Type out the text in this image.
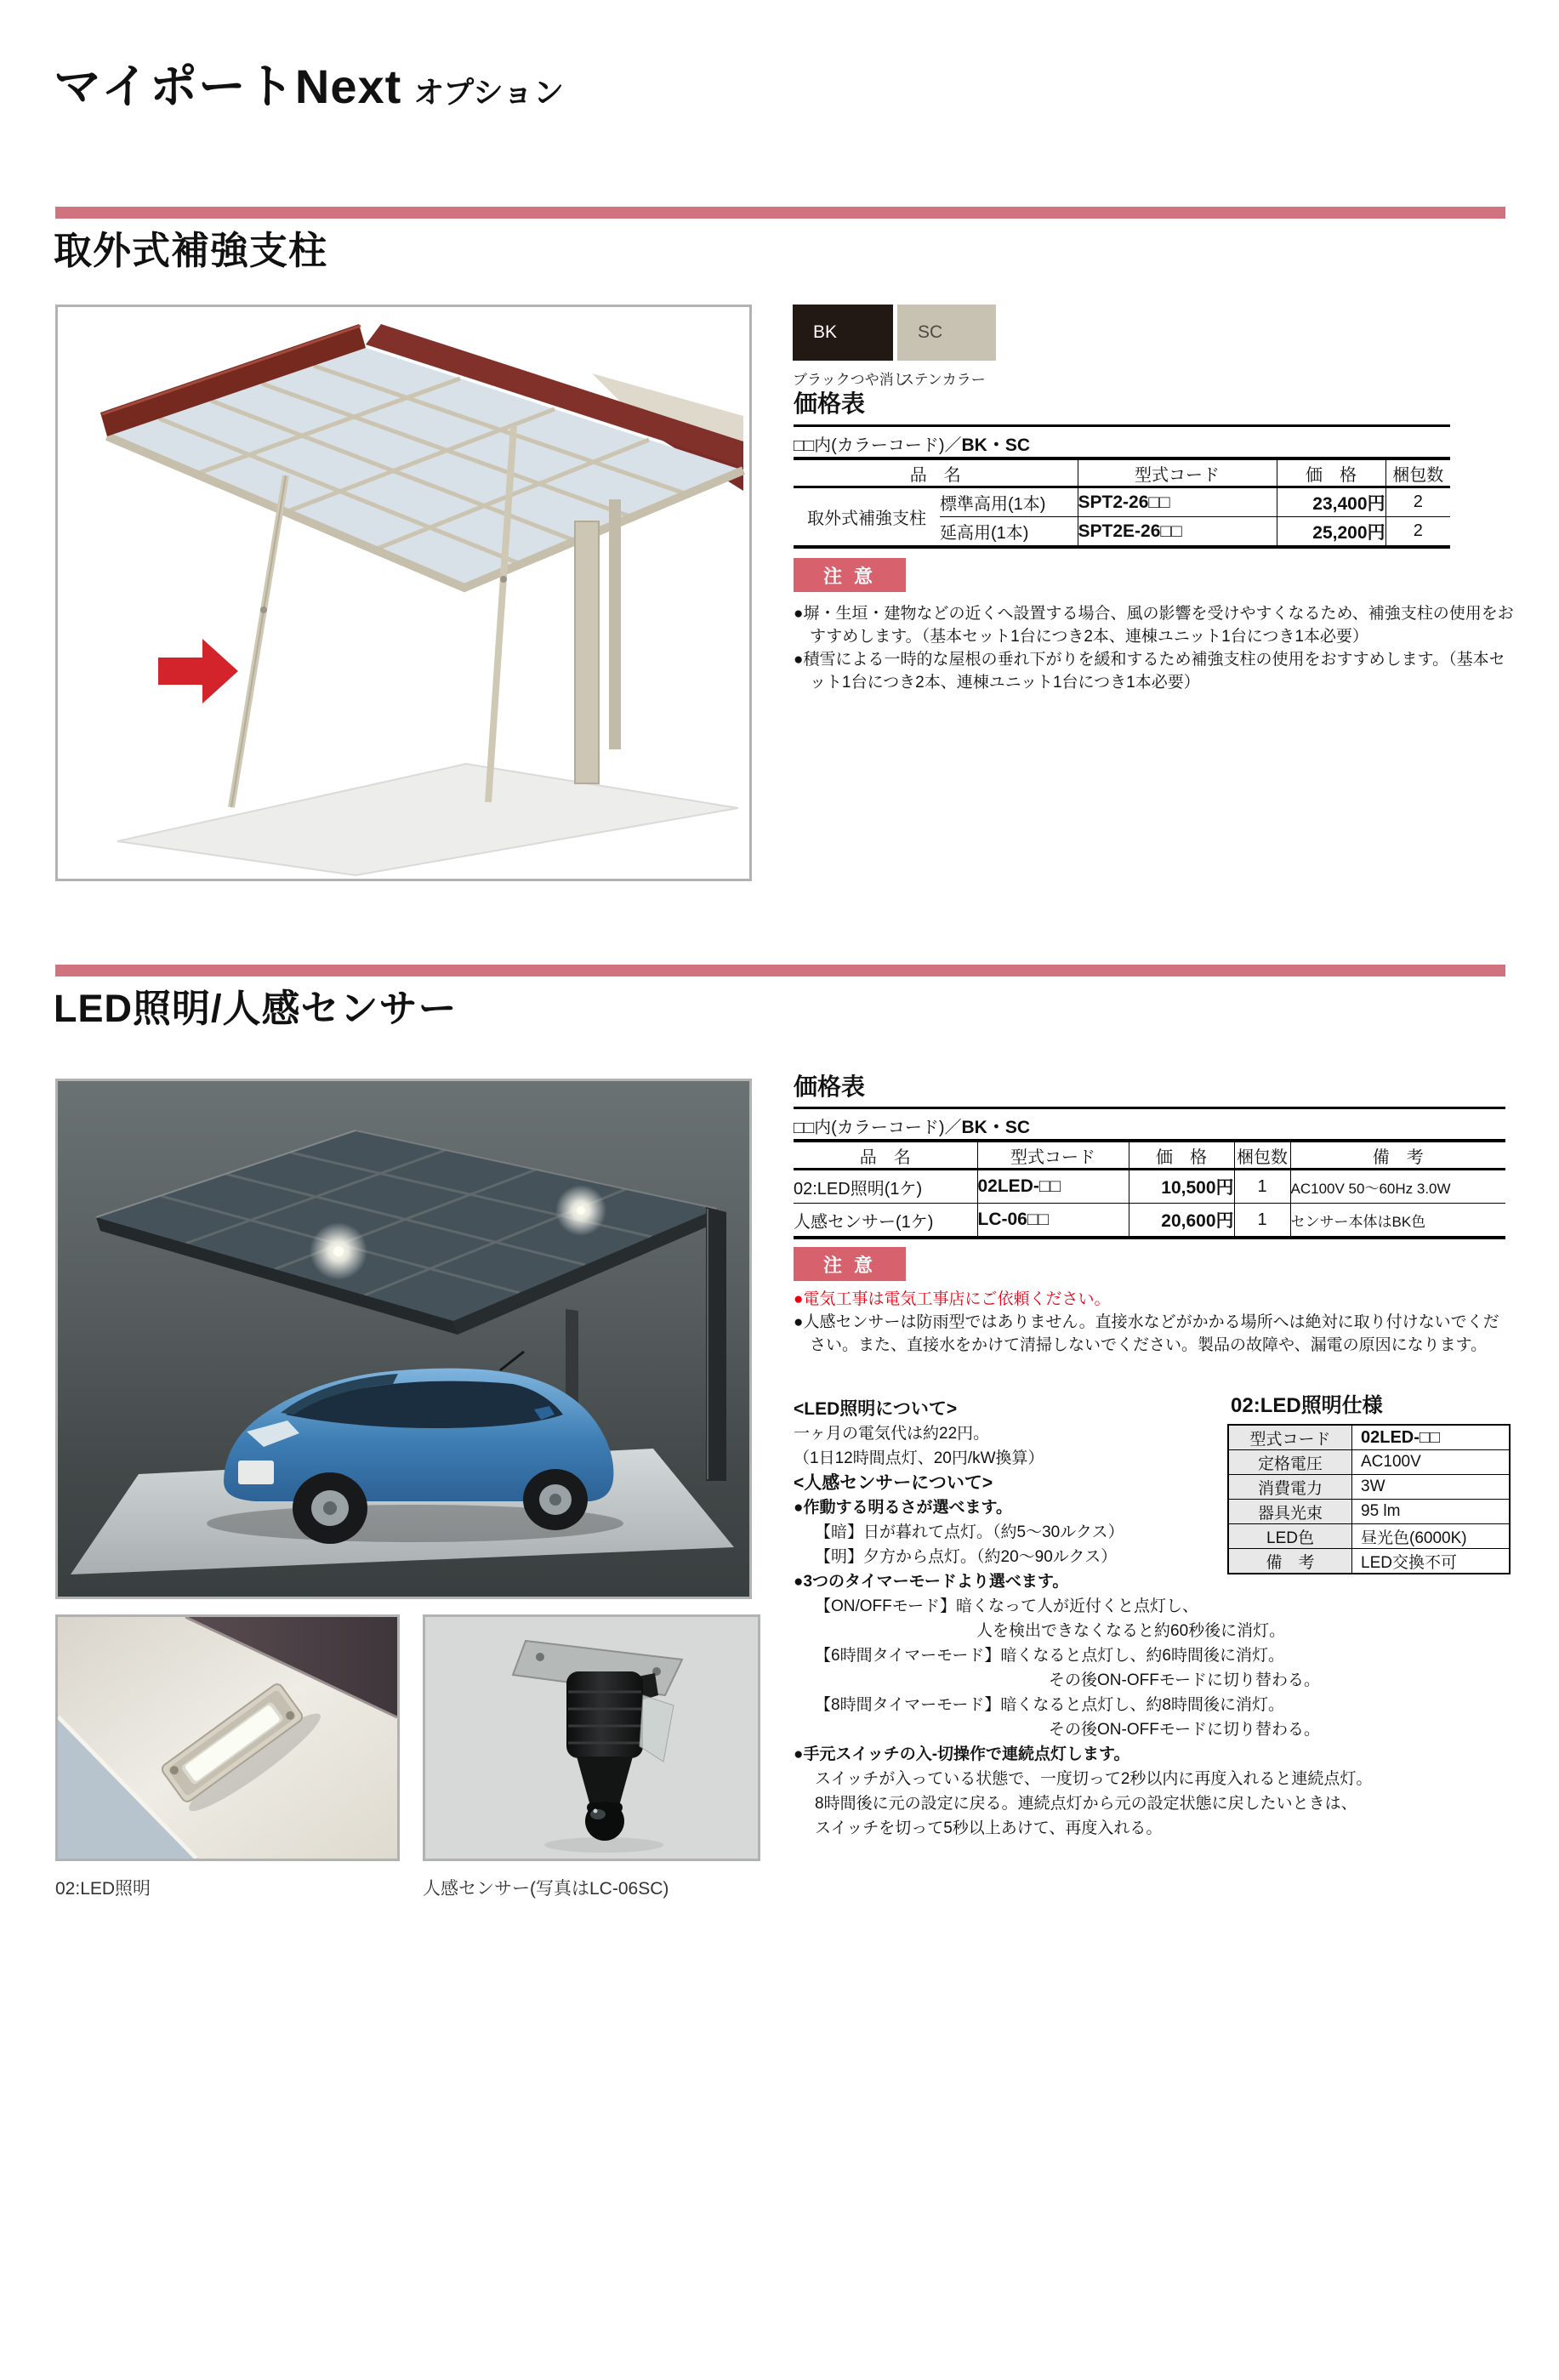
マイポートNext オプション
取外式補強支柱
BK	SC
ブラックつや消し
ステンカラー
価格表
□□内(カラーコード)／BK・SC
品　名		型式コード	価　格	梱包数
取外式補強支柱	標準高用(1本)	SPT2-26□□	23,400円	2
	延高用(1本)	SPT2E-26□□	25,200円	2
注 意
●塀・生垣・建物などの近くへ設置する場合、風の影響を受けやすくなるため、補強支柱の使用をおすすめします。（基本セット1台につき2本、連棟ユニット1台につき1本必要）
●積雪による一時的な屋根の垂れ下がりを緩和するため補強支柱の使用をおすすめします。（基本セット1台につき2本、連棟ユニット1台につき1本必要）
LED照明/人感センサー
02:LED照明	人感センサー(写真はLC-06SC)
価格表
□□内(カラーコード)／BK・SC
品　名	型式コード	価　格	梱包数	備　考
02:LED照明(1ケ)	02LED-□□	10,500円	1	AC100V 50～60Hz 3.0W
人感センサー(1ケ)	LC-06□□	20,600円	1	センサー本体はBK色
注 意
●電気工事は電気工事店にご依頼ください。
●人感センサーは防雨型ではありません。直接水などがかかる場所へは絶対に取り付けないでください。また、直接水をかけて清掃しないでください。製品の故障や、漏電の原因になります。
<LED照明について>
一ヶ月の電気代は約22円。
（1日12時間点灯、20円/kW換算）
<人感センサーについて>
●作動する明るさが選べます。
【暗】日が暮れて点灯。（約5〜30ルクス）
【明】夕方から点灯。（約20〜90ルクス）
●3つのタイマーモードより選べます。
【ON/OFFモード】暗くなって人が近付くと点灯し、
人を検出できなくなると約60秒後に消灯。
【6時間タイマーモード】暗くなると点灯し、約6時間後に消灯。
その後ON-OFFモードに切り替わる。
【8時間タイマーモード】暗くなると点灯し、約8時間後に消灯。
その後ON-OFFモードに切り替わる。
●手元スイッチの入-切操作で連続点灯します。
スイッチが入っている状態で、一度切って2秒以内に再度入れると連続点灯。
8時間後に元の設定に戻る。連続点灯から元の設定状態に戻したいときは、
スイッチを切って5秒以上あけて、再度入れる。
02:LED照明仕様
型式コード	02LED-□□
定格電圧	AC100V
消費電力	3W
器具光束	95 lm
LED色	昼光色(6000K)
備　考	LED交換不可
